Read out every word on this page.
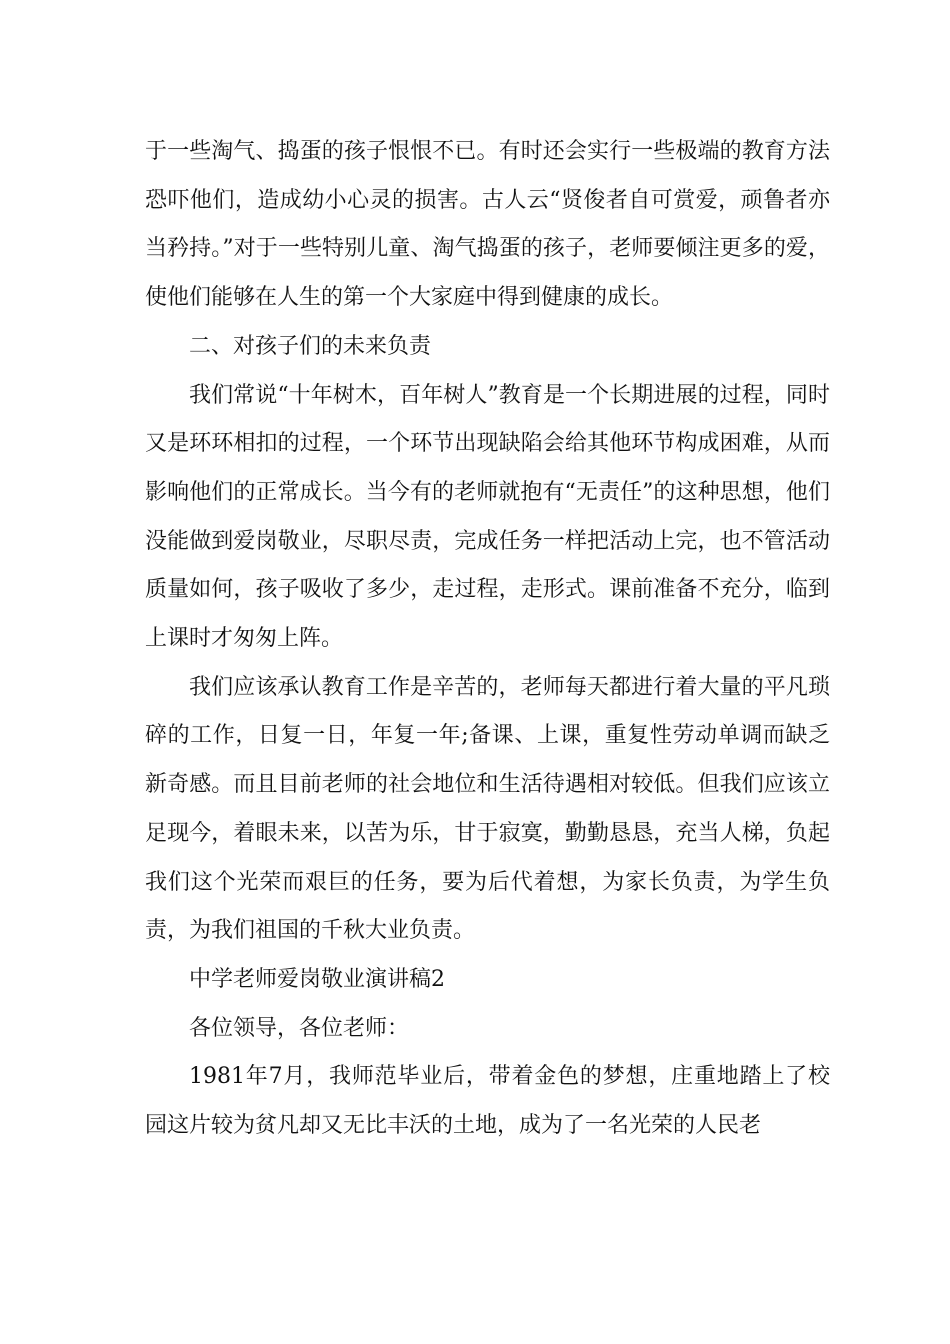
于一些淘气、捣蛋的孩子恨恨不已。有时还会实行一些极端的教育方法恐吓他们，造成幼小心灵的损害。古人云“贤俊者自可赏爱，顽鲁者亦当矜持。”对于一些特别儿童、淘气捣蛋的孩子，老师要倾注更多的爱，使他们能够在人生的第一个大家庭中得到健康的成长。

二、对孩子们的未来负责

我们常说“十年树木，百年树人”教育是一个长期进展的过程，同时又是环环相扣的过程，一个环节出现缺陷会给其他环节构成困难，从而影响他们的正常成长。当今有的老师就抱有“无责任”的这种思想，他们没能做到爱岗敬业，尽职尽责，完成任务一样把活动上完，也不管活动质量如何，孩子吸收了多少，走过程，走形式。课前准备不充分，临到上课时才匆匆上阵。

我们应该承认教育工作是辛苦的，老师每天都进行着大量的平凡琐碎的工作，日复一日，年复一年;备课、上课，重复性劳动单调而缺乏新奇感。而且目前老师的社会地位和生活待遇相对较低。但我们应该立足现今，着眼未来，以苦为乐，甘于寂寞，勤勤恳恳，充当人梯，负起我们这个光荣而艰巨的任务，要为后代着想，为家长负责，为学生负责，为我们祖国的千秋大业负责。

中学老师爱岗敬业演讲稿2

各位领导，各位老师：

1981年7月，我师范毕业后，带着金色的梦想，庄重地踏上了校园这片较为贫凡却又无比丰沃的土地，成为了一名光荣的人民老
